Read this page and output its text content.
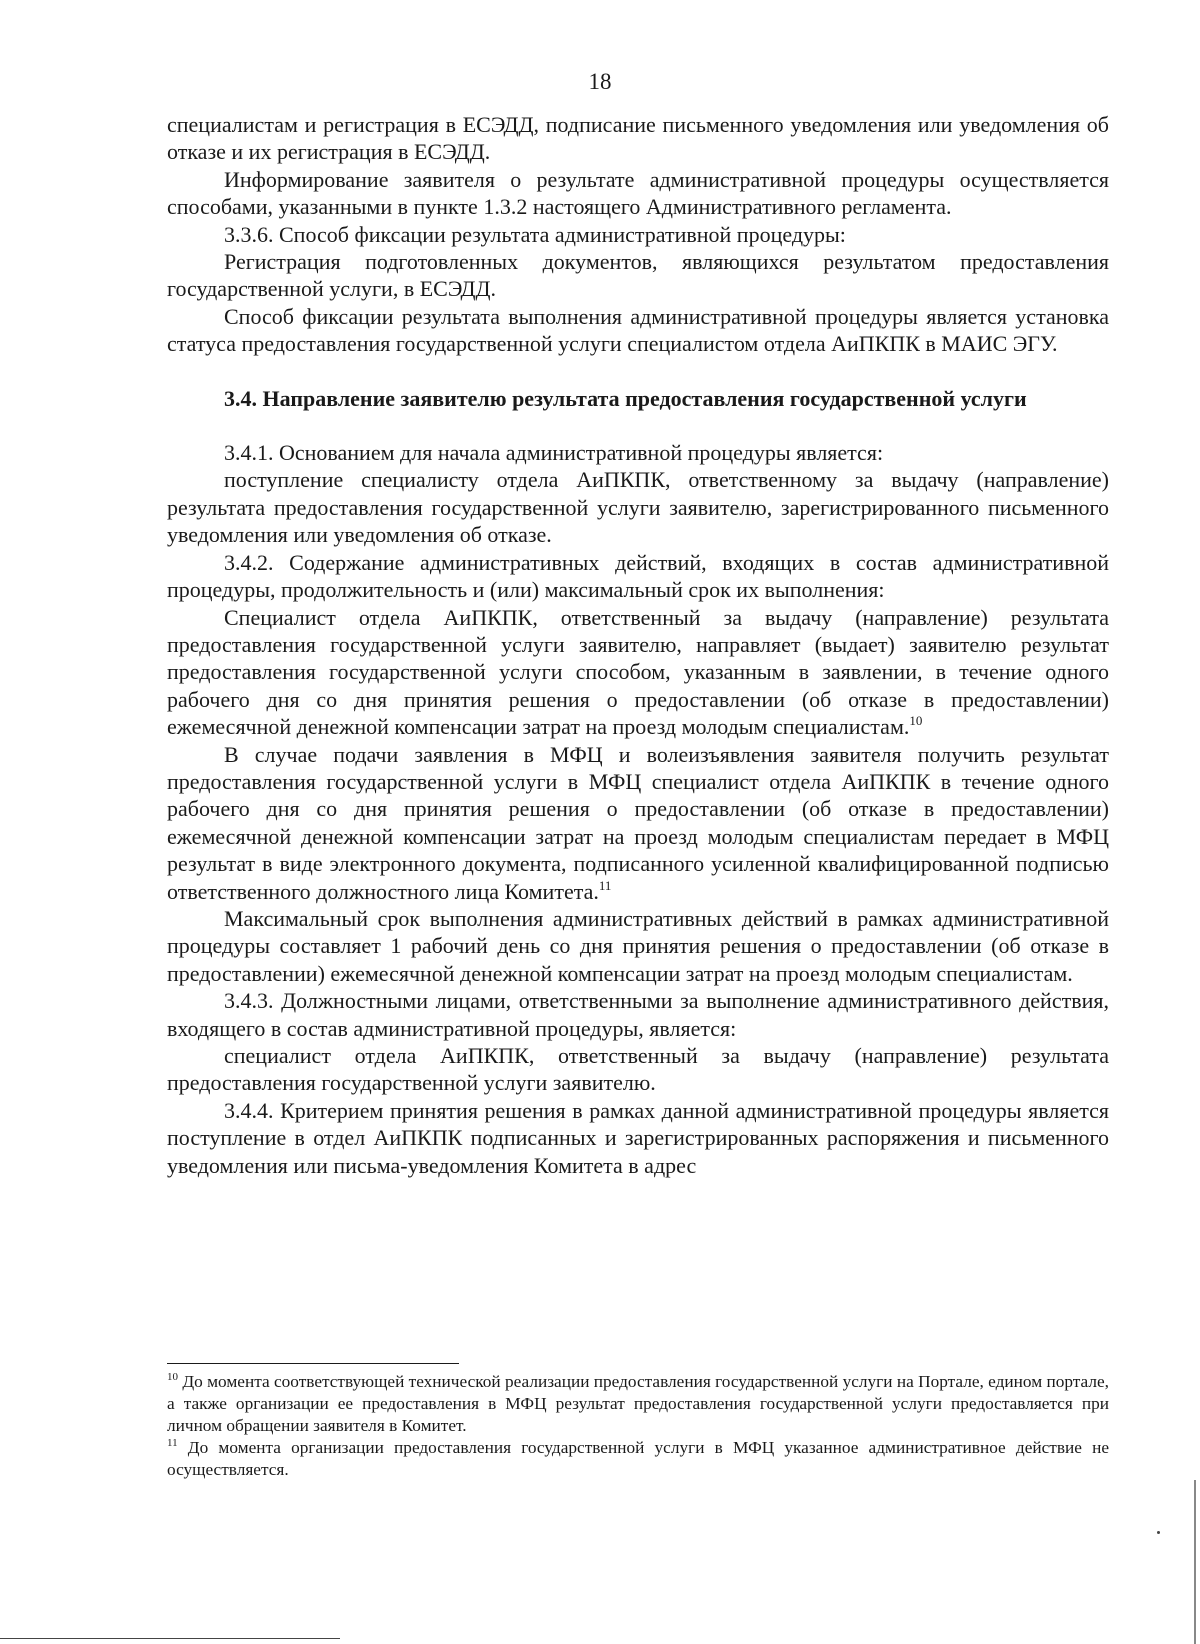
18

специалистам и регистрация в ЕСЭДД, подписание письменного уведомления или уведомления об отказе и их регистрация в ЕСЭДД.

Информирование заявителя о результате административной процедуры осуществляется способами, указанными в пункте 1.3.2 настоящего Административного регламента.

3.3.6. Способ фиксации результата административной процедуры:

Регистрация подготовленных документов, являющихся результатом предоставления государственной услуги, в ЕСЭДД.

Способ фиксации результата выполнения административной процедуры является установка статуса предоставления государственной услуги специалистом отдела АиПКПК в МАИС ЭГУ.

3.4. Направление заявителю результата предоставления государственной услуги

3.4.1. Основанием для начала административной процедуры является:

поступление специалисту отдела АиПКПК, ответственному за выдачу (направление) результата предоставления государственной услуги заявителю, зарегистрированного письменного уведомления или уведомления об отказе.

3.4.2. Содержание административных действий, входящих в состав административной процедуры, продолжительность и (или) максимальный срок их выполнения:

Специалист отдела АиПКПК, ответственный за выдачу (направление) результата предоставления государственной услуги заявителю, направляет (выдает) заявителю результат предоставления государственной услуги способом, указанным в заявлении, в течение одного рабочего дня со дня принятия решения о предоставлении (об отказе в предоставлении) ежемесячной денежной компенсации затрат на проезд молодым специалистам.$^{10}$

В случае подачи заявления в МФЦ и волеизъявления заявителя получить результат предоставления государственной услуги в МФЦ специалист отдела АиПКПК в течение одного рабочего дня со дня принятия решения о предоставлении (об отказе в предоставлении) ежемесячной денежной компенсации затрат на проезд молодым специалистам передает в МФЦ результат в виде электронного документа, подписанного усиленной квалифицированной подписью ответственного должностного лица Комитета.$^{11}$

Максимальный срок выполнения административных действий в рамках административной процедуры составляет 1 рабочий день со дня принятия решения о предоставлении (об отказе в предоставлении) ежемесячной денежной компенсации затрат на проезд молодым специалистам.

3.4.3. Должностными лицами, ответственными за выполнение административного действия, входящего в состав административной процедуры, является:

специалист отдела АиПКПК, ответственный за выдачу (направление) результата предоставления государственной услуги заявителю.

3.4.4. Критерием принятия решения в рамках данной административной процедуры является поступление в отдел АиПКПК подписанных и зарегистрированных распоряжения и письменного уведомления или письма-уведомления Комитета в адрес

$^{10}$ До момента соответствующей технической реализации предоставления государственной услуги на Портале, едином портале, а также организации ее предоставления в МФЦ результат предоставления государственной услуги предоставляется при личном обращении заявителя в Комитет.

$^{11}$ До момента организации предоставления государственной услуги в МФЦ указанное административное действие не осуществляется.
